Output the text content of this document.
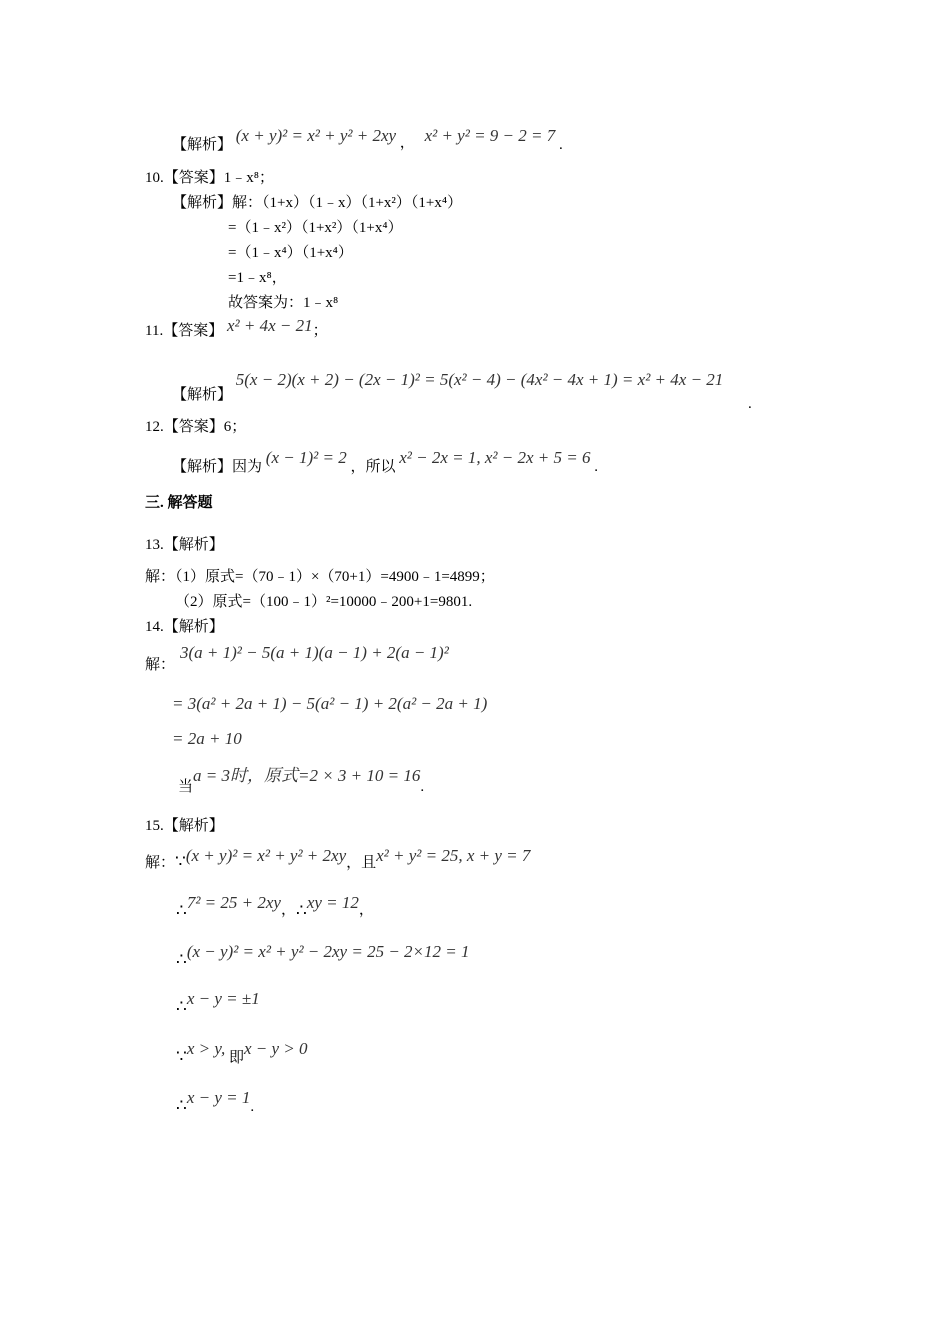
【解析】 (x + y)² = x² + y² + 2xy ， x² + y² = 9 − 2 = 7 .
10.【答案】1﹣x⁸；
【解析】解：（1+x）（1﹣x）（1+x²）（1+x⁴）
=（1﹣x²）（1+x²）（1+x⁴）
=（1﹣x⁴）（1+x⁴）
=1﹣x⁸，
故答案为：1﹣x⁸
11.【答案】 x² + 4x − 21；
【解析】 5(x − 2)(x + 2) − (2x − 1)² = 5(x² − 4) − (4x² − 4x + 1) = x² + 4x − 21
.
12.【答案】6；
【解析】因为 (x − 1)² = 2 ，所以 x² − 2x = 1, x² − 2x + 5 = 6 .
三. 解答题
13.【解析】
解：（1）原式=（70﹣1）×（70+1）=4900﹣1=4899；
（2）原式=（100﹣1）²=10000﹣200+1=9801.
14.【解析】
解：
3(a + 1)² − 5(a + 1)(a − 1) + 2(a − 1)²
= 3(a² + 2a + 1) − 5(a² − 1) + 2(a² − 2a + 1)
= 2a + 10
当a = 3时，原式=2 × 3 + 10 = 16.
15.【解析】
解：∵(x + y)² = x² + y² + 2xy，且x² + y² = 25, x + y = 7
∴7² = 25 + 2xy，∴xy = 12，
∴(x − y)² = x² + y² − 2xy = 25 − 2×12 = 1
∴x − y = ±1
∵x > y, 即x − y > 0
∴x − y = 1.
